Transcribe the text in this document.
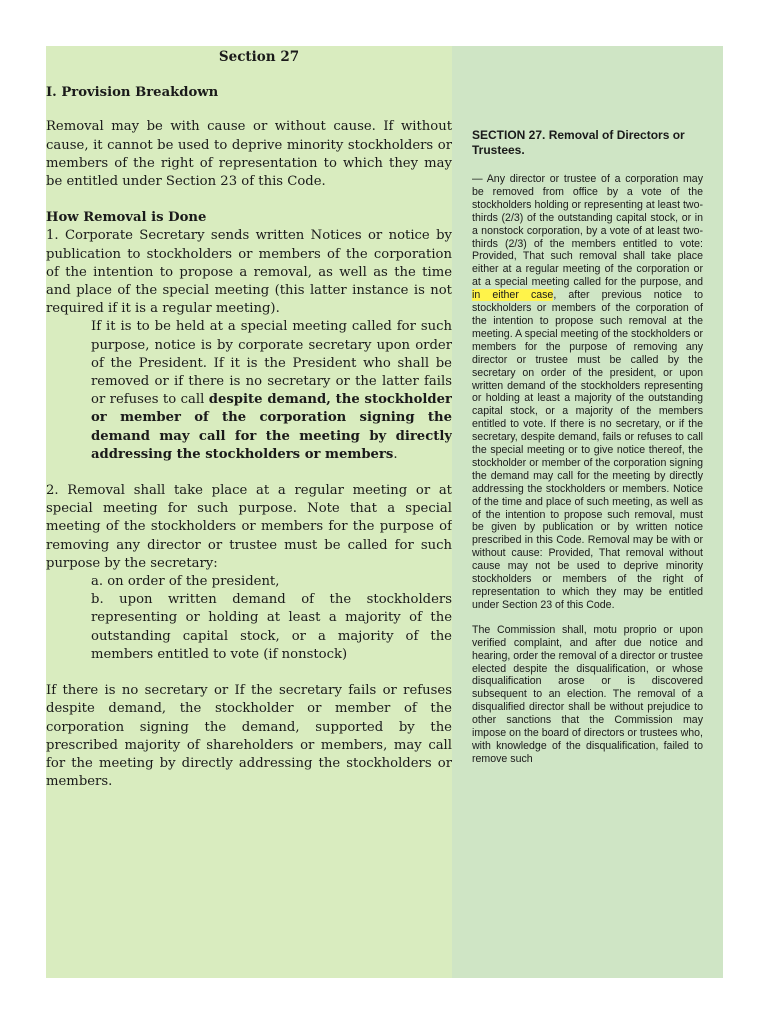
Section 27
I. Provision Breakdown

Removal may be with cause or without cause. If without cause, it cannot be used to deprive minority stockholders or members of the right of representation to which they may be entitled under Section 23 of this Code.

How Removal is Done

1. Corporate Secretary sends written Notices or notice by publication to stockholders or members of the corporation of the intention to propose a removal, as well as the time and place of the special meeting (this latter instance is not required if it is a regular meeting).

If it is to be held at a special meeting called for such purpose, notice is by corporate secretary upon order of the President. If it is the President who shall be removed or if there is no secretary or the latter fails or refuses to call despite demand, the stockholder or member of the corporation signing the demand may call for the meeting by directly addressing the stockholders or members.

2. Removal shall take place at a regular meeting or at special meeting for such purpose. Note that a special meeting of the stockholders or members for the purpose of removing any director or trustee must be called for such purpose by the secretary:

a. on order of the president,

b. upon written demand of the stockholders representing or holding at least a majority of the outstanding capital stock, or a majority of the members entitled to vote (if nonstock)

If there is no secretary or If the secretary fails or refuses despite demand, the stockholder or member of the corporation signing the demand, supported by the prescribed majority of shareholders or members, may call for the meeting by directly addressing the stockholders or members.

SECTION 27. Removal of Directors or Trustees.

— Any director or trustee of a corporation may be removed from office by a vote of the stockholders holding or representing at least two-thirds (2/3) of the outstanding capital stock, or in a nonstock corporation, by a vote of at least two-thirds (2/3) of the members entitled to vote: Provided, That such removal shall take place either at a regular meeting of the corporation or at a special meeting called for the purpose, and in either case, after previous notice to stockholders or members of the corporation of the intention to propose such removal at the meeting. A special meeting of the stockholders or members for the purpose of removing any director or trustee must be called by the secretary on order of the president, or upon written demand of the stockholders representing or holding at least a majority of the outstanding capital stock, or a majority of the members entitled to vote. If there is no secretary, or if the secretary, despite demand, fails or refuses to call the special meeting or to give notice thereof, the stockholder or member of the corporation signing the demand may call for the meeting by directly addressing the stockholders or members. Notice of the time and place of such meeting, as well as of the intention to propose such removal, must be given by publication or by written notice prescribed in this Code. Removal may be with or without cause: Provided, That removal without cause may not be used to deprive minority stockholders or members of the right of representation to which they may be entitled under Section 23 of this Code.

The Commission shall, motu proprio or upon verified complaint, and after due notice and hearing, order the removal of a director or trustee elected despite the disqualification, or whose disqualification arose or is discovered subsequent to an election. The removal of a disqualified director shall be without prejudice to other sanctions that the Commission may impose on the board of directors or trustees who, with knowledge of the disqualification, failed to remove such
